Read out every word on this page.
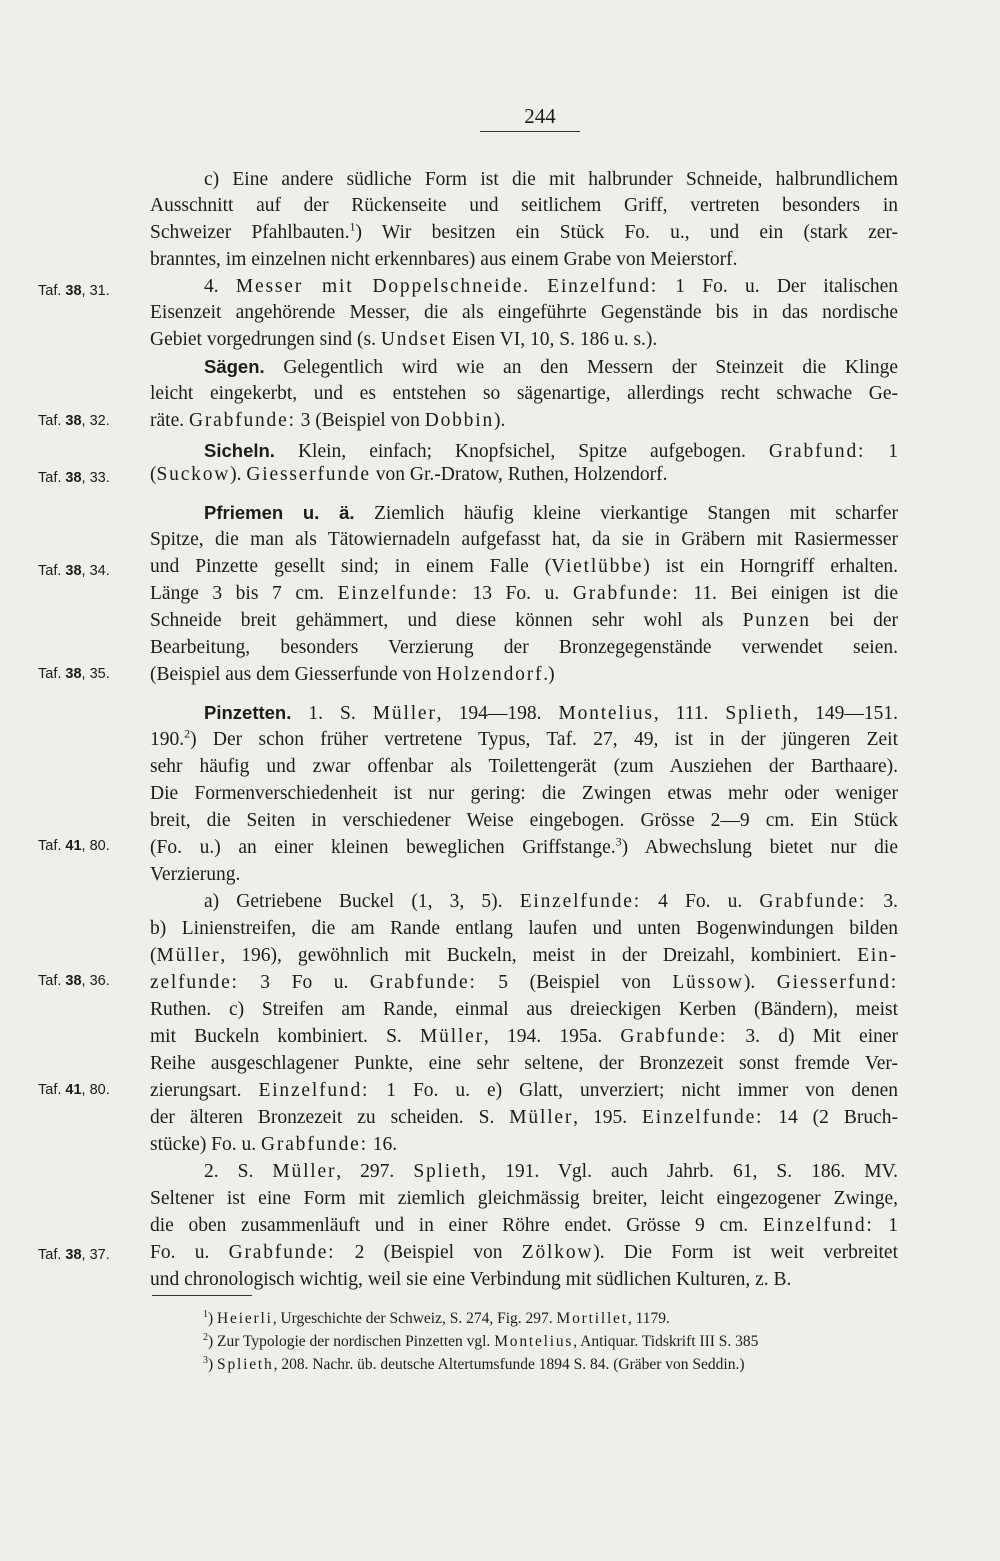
244
c) Eine andere südliche Form ist die mit halbrunder Schneide, halbrundlichem
Ausschnitt auf der Rückenseite und seitlichem Griff, vertreten besonders in
Schweizer Pfahlbauten.$^1$) Wir besitzen ein Stück Fo. u., und ein (stark zer-
branntes, im einzelnen nicht erkennbares) aus einem Grabe von Meierstorf.
4. Messer mit Doppelschneide. Einzelfund: 1 Fo. u. Der italischen
Eisenzeit angehörende Messer, die als eingeführte Gegenstände bis in das nordische
Gebiet vorgedrungen sind (s. Undset Eisen VI, 10, S. 186 u. s.).
Sägen. Gelegentlich wird wie an den Messern der Steinzeit die Klinge
leicht eingekerbt, und es entstehen so sägenartige, allerdings recht schwache Ge-
räte. Grabfunde: 3 (Beispiel von Dobbin).
Sicheln. Klein, einfach; Knopfsichel, Spitze aufgebogen. Grabfund: 1
(Suckow). Giesserfunde von Gr.-Dratow, Ruthen, Holzendorf.
Pfriemen u. ä. Ziemlich häufig kleine vierkantige Stangen mit scharfer
Spitze, die man als Tätowiernadeln aufgefasst hat, da sie in Gräbern mit Rasiermesser
und Pinzette gesellt sind; in einem Falle (Vietlübbe) ist ein Horngriff erhalten.
Länge 3 bis 7 cm. Einzelfunde: 13 Fo. u. Grabfunde: 11. Bei einigen ist die
Schneide breit gehämmert, und diese können sehr wohl als Punzen bei der
Bearbeitung, besonders Verzierung der Bronzegegenstände verwendet seien.
(Beispiel aus dem Giesserfunde von Holzendorf.)
Pinzetten. 1. S. Müller, 194—198. Montelius, 111. Splieth, 149—151.
190.$^2$) Der schon früher vertretene Typus, Taf. 27, 49, ist in der jüngeren Zeit
sehr häufig und zwar offenbar als Toilettengerät (zum Ausziehen der Barthaare).
Die Formenverschiedenheit ist nur gering: die Zwingen etwas mehr oder weniger
breit, die Seiten in verschiedener Weise eingebogen. Grösse 2—9 cm. Ein Stück
(Fo. u.) an einer kleinen beweglichen Griffstange.$^3$) Abwechslung bietet nur die
Verzierung.
a) Getriebene Buckel (1, 3, 5). Einzelfunde: 4 Fo. u. Grabfunde: 3.
b) Linienstreifen, die am Rande entlang laufen und unten Bogenwindungen bilden
(Müller, 196), gewöhnlich mit Buckeln, meist in der Dreizahl, kombiniert. Ein-
zelfunde: 3 Fo u. Grabfunde: 5 (Beispiel von Lüssow). Giesserfund:
Ruthen. c) Streifen am Rande, einmal aus dreieckigen Kerben (Bändern), meist
mit Buckeln kombiniert. S. Müller, 194. 195a. Grabfunde: 3. d) Mit einer
Reihe ausgeschlagener Punkte, eine sehr seltene, der Bronzezeit sonst fremde Ver-
zierungsart. Einzelfund: 1 Fo. u. e) Glatt, unverziert; nicht immer von denen
der älteren Bronzezeit zu scheiden. S. Müller, 195. Einzelfunde: 14 (2 Bruch-
stücke) Fo. u. Grabfunde: 16.
2. S. Müller, 297. Splieth, 191. Vgl. auch Jahrb. 61, S. 186. MV.
Seltener ist eine Form mit ziemlich gleichmässig breiter, leicht eingezogener Zwinge,
die oben zusammenläuft und in einer Röhre endet. Grösse 9 cm. Einzelfund: 1
Fo. u. Grabfunde: 2 (Beispiel von Zölkow). Die Form ist weit verbreitet
und chronologisch wichtig, weil sie eine Verbindung mit südlichen Kulturen, z. B.
Taf. 38, 31.
Taf. 38, 32.
Taf. 38, 33.
Taf. 38, 34.
Taf. 38, 35.
Taf. 41, 80.
Taf. 38, 36.
Taf. 41, 80.
Taf. 38, 37.
$^1$) Heierli, Urgeschichte der Schweiz, S. 274, Fig. 297. Mortillet, 1179.
$^2$) Zur Typologie der nordischen Pinzetten vgl. Montelius, Antiquar. Tidskrift III S. 385
$^3$) Splieth, 208. Nachr. üb. deutsche Altertumsfunde 1894 S. 84. (Gräber von Seddin.)
